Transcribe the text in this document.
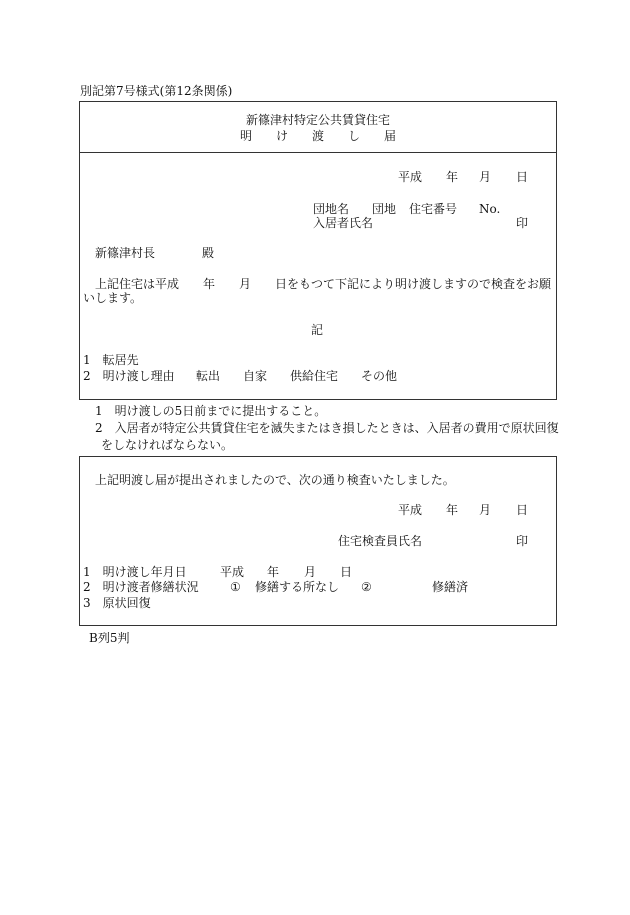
別記第7号様式(第12条関係)
新篠津村特定公共賃貸住宅
明　　け　　渡　　し　　届
平成 年 月 日
団地名 団地 住宅番号 No.
入居者氏名	印
新篠津村長	殿
上記住宅は平成　　年　　月　　日をもつて下記により明け渡しますので検査をお願
いします。
記
1　転居先
2　明け渡し理由 転出 自家 供給住宅 その他
1　明け渡しの5日前までに提出すること。
2　入居者が特定公共賃貸住宅を滅失またはき損したときは、入居者の費用で原状回復
をしなければならない。
上記明渡し届が提出されましたので、次の通り検査いたしました。
平成 年 月 日
住宅検査員氏名	印
1　明け渡し年月日	平成 年 月 日
2　明け渡者修繕状況	① 修繕する所なし ②	修繕済
3　原状回復
B列5判
